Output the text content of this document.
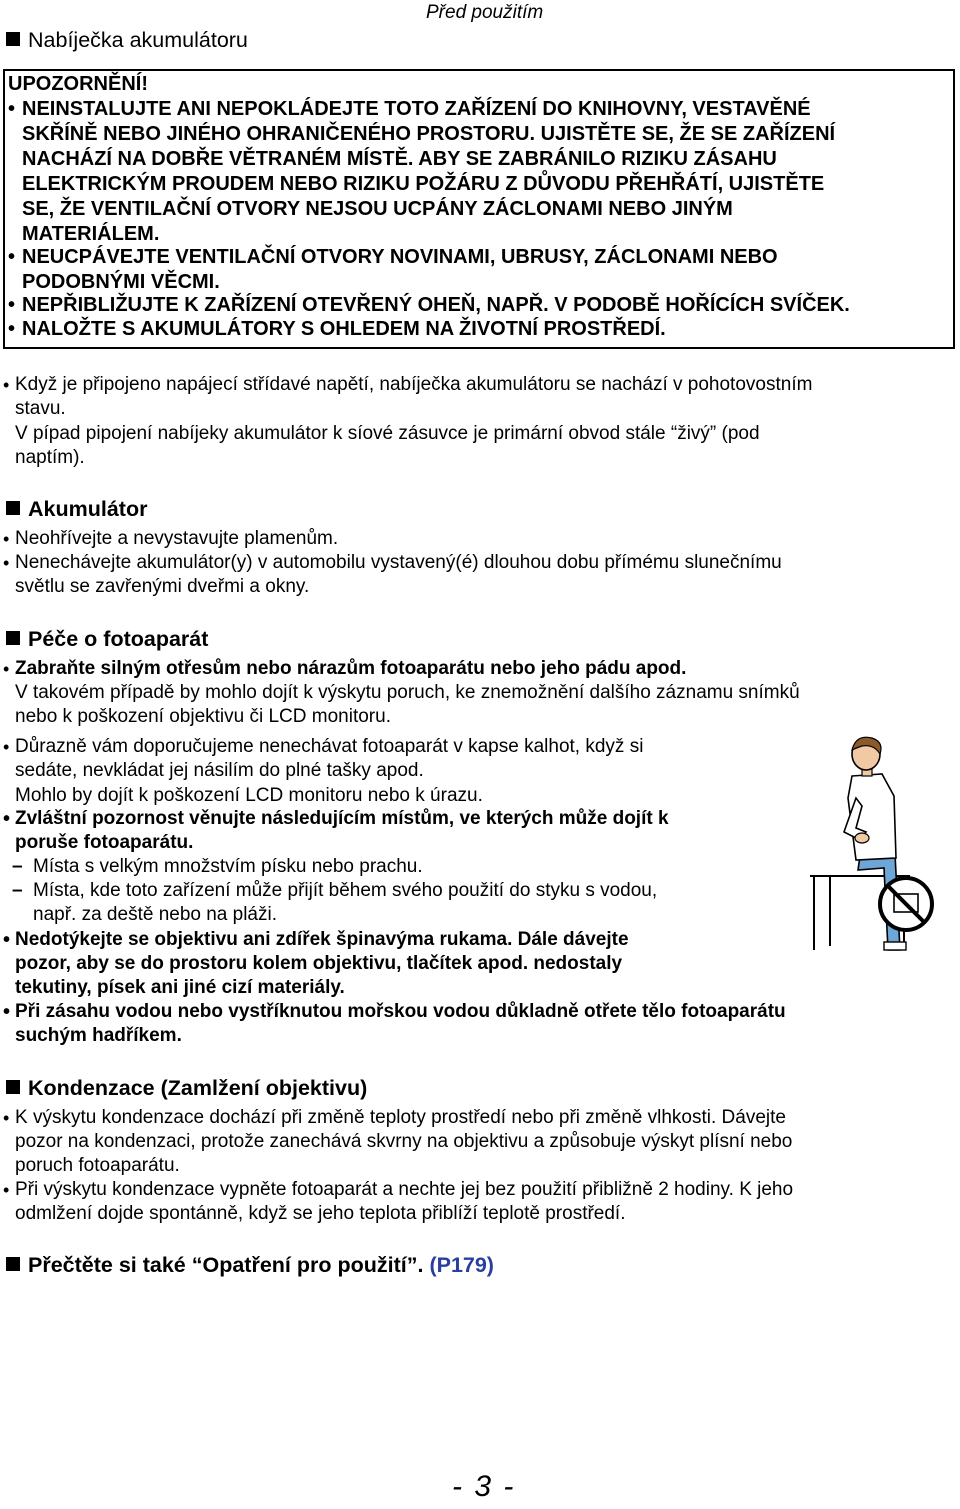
Před použitím
Nabíječka akumulátoru
UPOZORNĚNÍ!
• NEINSTALUJTE ANI NEPOKLÁDEJTE TOTO ZAŘÍZENÍ DO KNIHOVNY, VESTAVĚNÉ
SKŘÍNĚ NEBO JINÉHO OHRANIČENÉHO PROSTORU. UJISTĚTE SE, ŽE SE ZAŘÍZENÍ
NACHÁZÍ NA DOBŘE VĚTRANÉM MÍSTĚ. ABY SE ZABRÁNILO RIZIKU ZÁSAHU
ELEKTRICKÝM PROUDEM NEBO RIZIKU POŽÁRU Z DŮVODU PŘEHŘÁTÍ, UJISTĚTE
SE, ŽE VENTILAČNÍ OTVORY NEJSOU UCPÁNY ZÁCLONAMI NEBO JINÝM
MATERIÁLEM.
• NEUCPÁVEJTE VENTILAČNÍ OTVORY NOVINAMI, UBRUSY, ZÁCLONAMI NEBO
PODOBNÝMI VĚCMI.
• NEPŘIBLIŽUJTE K ZAŘÍZENÍ OTEVŘENÝ OHEŇ, NAPŘ. V PODOBĚ HOŘÍCÍCH SVÍČEK.
• NALOŽTE S AKUMULÁTORY S OHLEDEM NA ŽIVOTNÍ PROSTŘEDÍ.
• Když je připojeno napájecí střídavé napětí, nabíječka akumulátoru se nachází v pohotovostním
stavu.
V pípad pipojení nabíjeky akumulátor k síové zásuvce je primární obvod stále “živý” (pod
naptím).
Akumulátor
• Neohřívejte a nevystavujte plamenům.
• Nenechávejte akumulátor(y) v automobilu vystavený(é) dlouhou dobu přímému slunečnímu
světlu se zavřenými dveřmi a okny.
Péče o fotoaparát
• Zabraňte silným otřesům nebo nárazům fotoaparátu nebo jeho pádu apod.
V takovém případě by mohlo dojít k výskytu poruch, ke znemožnění dalšího záznamu snímků
nebo k poškození objektivu či LCD monitoru.
• Důrazně vám doporučujeme nenechávat fotoaparát v kapse kalhot, když si
sedáte, nevkládat jej násilím do plné tašky apod.
Mohlo by dojít k poškození LCD monitoru nebo k úrazu.
• Zvláštní pozornost věnujte následujícím místům, ve kterých může dojít k
poruše fotoaparátu.
– Místa s velkým množstvím písku nebo prachu.
– Místa, kde toto zařízení může přijít během svého použití do styku s vodou,
např. za deště nebo na pláži.
• Nedotýkejte se objektivu ani zdířek špinavýma rukama. Dále dávejte
pozor, aby se do prostoru kolem objektivu, tlačítek apod. nedostaly
tekutiny, písek ani jiné cizí materiály.
• Při zásahu vodou nebo vystříknutou mořskou vodou důkladně otřete tělo fotoaparátu
suchým hadříkem.
Kondenzace (Zamlžení objektivu)
• K výskytu kondenzace dochází při změně teploty prostředí nebo při změně vlhkosti. Dávejte
pozor na kondenzaci, protože zanechává skvrny na objektivu a způsobuje výskyt plísní nebo
poruch fotoaparátu.
• Při výskytu kondenzace vypněte fotoaparát a nechte jej bez použití přibližně 2 hodiny. K jeho
odmlžení dojde spontánně, když se jeho teplota přiblíží teplotě prostředí.
Přečtěte si také “Opatření pro použití”. (P179)
- 3 -
